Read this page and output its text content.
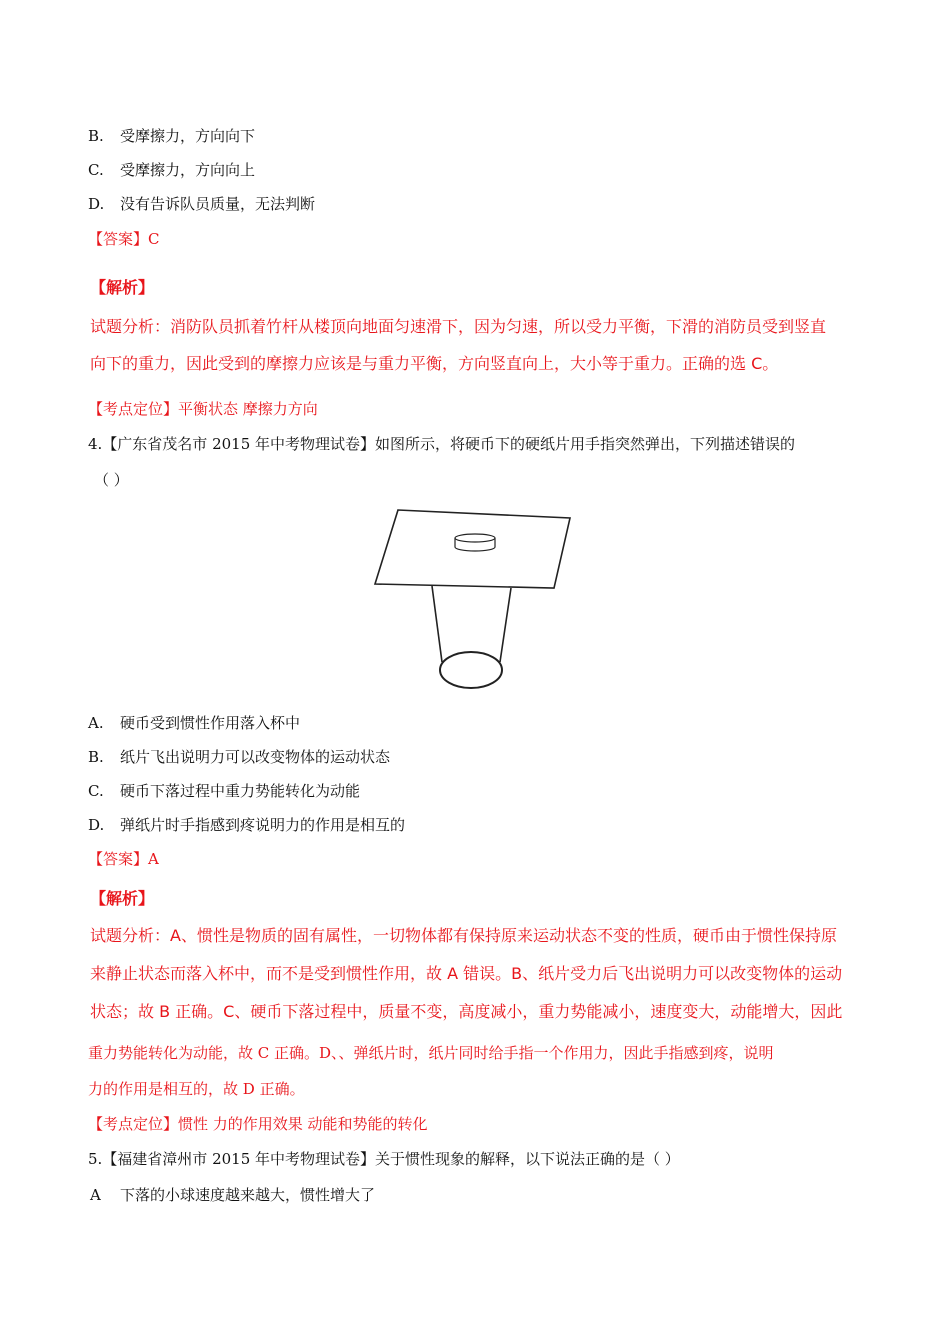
B. 受摩擦力，方向向下
C. 受摩擦力，方向向上
D. 没有告诉队员质量，无法判断
【答案】C
【解析】
试题分析：消防队员抓着竹杆从楼顶向地面匀速滑下，因为匀速，所以受力平衡，下滑的消防员受到竖直
向下的重力，因此受到的摩擦力应该是与重力平衡，方向竖直向上，大小等于重力。正确的选 C。
【考点定位】平衡状态 摩擦力方向
4.【广东省茂名市 2015 年中考物理试卷】如图所示，将硬币下的硬纸片用手指突然弹出，下列描述错误的
（ ）
A. 硬币受到惯性作用落入杯中
B. 纸片飞出说明力可以改变物体的运动状态
C. 硬币下落过程中重力势能转化为动能
D. 弹纸片时手指感到疼说明力的作用是相互的
【答案】A
【解析】
试题分析：A、惯性是物质的固有属性，一切物体都有保持原来运动状态不变的性质，硬币由于惯性保持原
来静止状态而落入杯中，而不是受到惯性作用，故 A 错误。B、纸片受力后飞出说明力可以改变物体的运动
状态；故 B 正确。C、硬币下落过程中，质量不变，高度减小，重力势能减小，速度变大，动能增大，因此
重力势能转化为动能，故 C 正确。D、、弹纸片时，纸片同时给手指一个作用力，因此手指感到疼，说明
力的作用是相互的，故 D 正确。
【考点定位】惯性 力的作用效果 动能和势能的转化
5.【福建省漳州市 2015 年中考物理试卷】关于惯性现象的解释，以下说法正确的是（ ）
A 下落的小球速度越来越大，惯性增大了
